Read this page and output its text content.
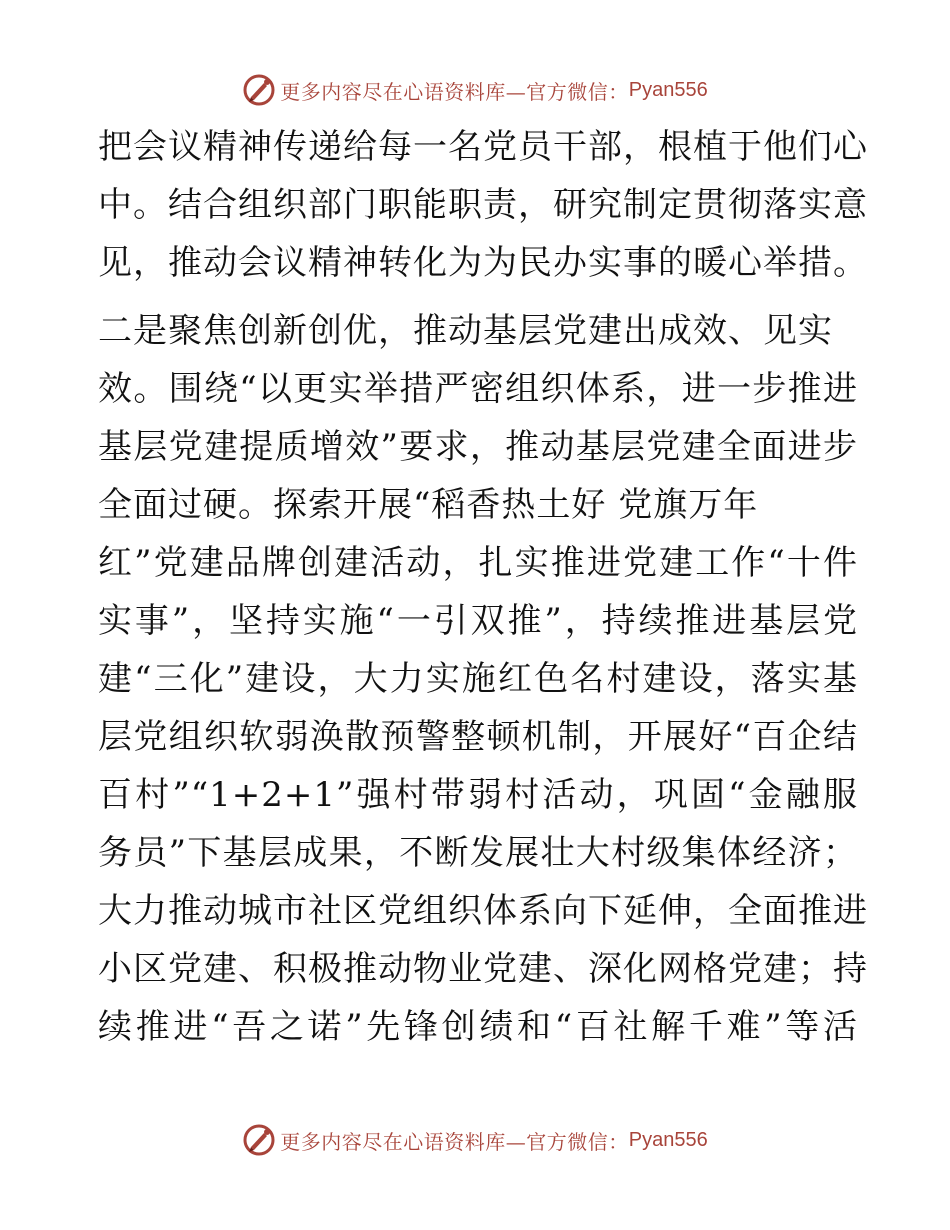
更多内容尽在心语资料库—官方微信： Pyan556
把会议精神传递给每一名党员干部，根植于他们心
中。结合组织部门职能职责，研究制定贯彻落实意
见，推动会议精神转化为为民办实事的暖心举措。
二是聚焦创新创优，推动基层党建出成效、见实
效。围绕“以更实举措严密组织体系，进一步推进
基层党建提质增效”要求，推动基层党建全面进步
全面过硬。探索开展“稻香热土好 党旗万年
红”党建品牌创建活动，扎实推进党建工作“十件
实事”，坚持实施“一引双推”，持续推进基层党
建“三化”建设，大力实施红色名村建设，落实基
层党组织软弱涣散预警整顿机制，开展好“百企结
百村”“1+2+1”强村带弱村活动，巩固“金融服
务员”下基层成果，不断发展壮大村级集体经济；
大力推动城市社区党组织体系向下延伸，全面推进
小区党建、积极推动物业党建、深化网格党建；持
续推进“吾之诺”先锋创绩和“百社解千难”等活
更多内容尽在心语资料库—官方微信： Pyan556
